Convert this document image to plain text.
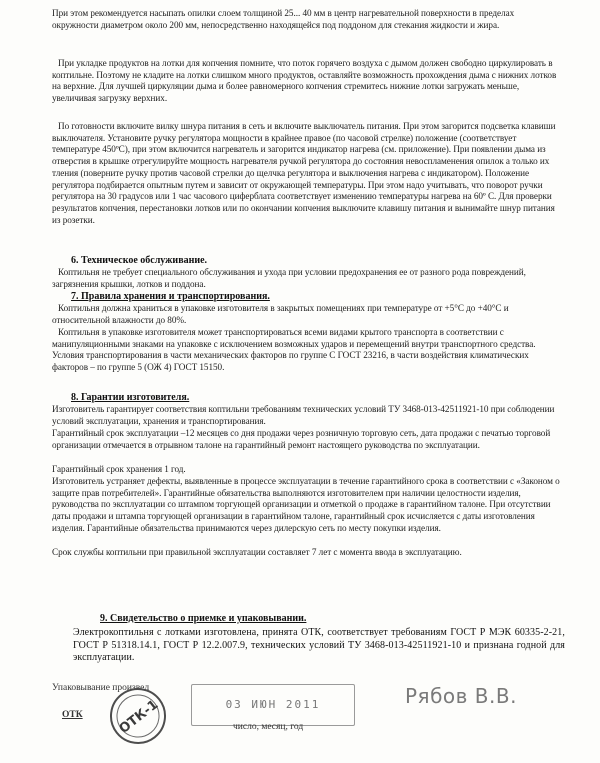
При этом рекомендуется насыпать опилки слоем толщиной 25... 40 мм в центр нагревательной поверхности в пределах окружности диаметром около 200 мм, непосредственно находящейся под поддоном для стекания жидкости и жира.

При укладке продуктов на лотки для копчения помните, что поток горячего воздуха с дымом должен свободно циркулировать в коптильне. Поэтому не кладите на лотки слишком много продуктов, оставляйте возможность прохождения дыма с нижних лотков на верхние. Для лучшей циркуляции дыма и более равномерного копчения стремитесь нижние лотки загружать меньше, увеличивая загрузку верхних.

По готовности включите вилку шнура питания в сеть и включите выключатель питания. При этом загорится подсветка клавиши выключателя. Установите ручку регулятора мощности в крайнее правое (по часовой стрелке) положение (соответствует температуре 450ºС), при этом включится нагреватель и загорится индикатор нагрева (см. приложение). При появлении дыма из отверстия в крышке отрегулируйте мощность нагревателя ручкой регулятора до состояния невоспламенения опилок а только их тления (поверните ручку против часовой стрелки до щелчка регулятора и выключения нагрева с индикатором). Положение регулятора подбирается опытным путем и зависит от окружающей температуры. При этом надо учитывать, что поворот ручки регулятора на 30 градусов или 1 час часового циферблата соответствует изменению температуры нагрева на 60º С. Для проверки результатов копчения, перестановки лотков или по окончании копчения выключите клавишу питания и вынимайте шнур питания из розетки.

6. Техническое обслуживание.

Коптильня не требует специального обслуживания и ухода при условии предохранения ее от разного рода повреждений, загрязнения крышки, лотков и поддона.

7. Правила хранения и транспортирования.

Коптильня должна храниться в упаковке изготовителя в закрытых помещениях при температуре от +5°С до +40°С и относительной влажности до 80%.

Коптильня в упаковке изготовителя может транспортироваться всеми видами крытого транспорта в соответствии с манипуляционными знаками на упаковке с исключением возможных ударов и перемещений внутри транспортного средства. Условия транспортирования в части механических факторов по группе С ГОСТ 23216, в части воздействия климатических факторов – по группе 5 (ОЖ 4) ГОСТ 15150.

8. Гарантии изготовителя.

Изготовитель гарантирует соответствия коптильни требованиям технических условий ТУ 3468-013-42511921-10 при соблюдении условий эксплуатации, хранения и транспортирования.

Гарантийный срок эксплуатации –12 месяцев со дня продажи через розничную торговую сеть, дата продажи с печатью торговой организации отмечается в отрывном талоне на гарантийный ремонт настоящего руководства по эксплуатации.

Гарантийный срок хранения 1 год.

Изготовитель устраняет дефекты, выявленные в процессе эксплуатации в течение гарантийного срока в соответствии с «Законом о защите прав потребителей». Гарантийные обязательства выполняются изготовителем при наличии целостности изделия, руководства по эксплуатации со штампом торгующей организации и отметкой о продаже в гарантийном талоне. При отсутствии даты продажи и штампа торгующей организации в гарантийном талоне, гарантийный срок исчисляется с даты изготовления изделия. Гарантийные обязательства принимаются через дилерскую сеть по месту покупки изделия.

Срок службы коптильни при правильной эксплуатации составляет 7 лет с момента ввода в эксплуатацию.

9. Свидетельство о приемке и упаковывании.

Электрокоптильня с лотками изготовлена, принята ОТК, соответствует требованиям ГОСТ Р МЭК 60335-2-21, ГОСТ Р 51318.14.1, ГОСТ Р 12.2.007.9, технических условий ТУ 3468-013-42511921-10 и признана годной для эксплуатации.

Упаковывание произвел
ОТК	ОТК-1	03 ИЮН 2011
число, месяц, год
Рябов В.В.
